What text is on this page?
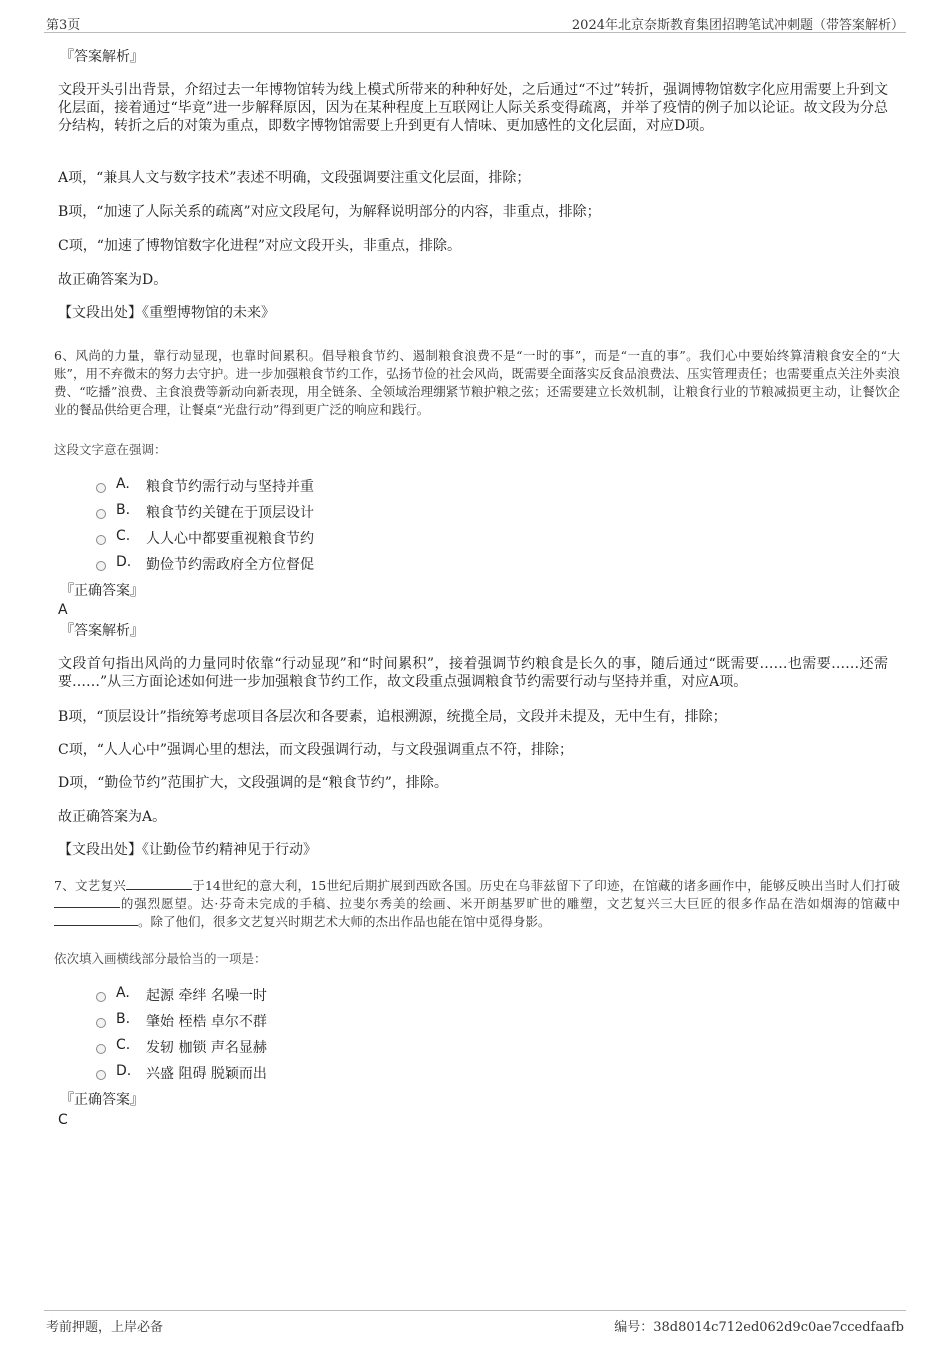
第3页	2024年北京奈斯教育集团招聘笔试冲刺题（带答案解析）
『答案解析』

文段开头引出背景，介绍过去一年博物馆转为线上模式所带来的种种好处，之后通过“不过”转折，强调博物馆数字化应用需要上升到文化层面，接着通过“毕竟”进一步解释原因，因为在某种程度上互联网让人际关系变得疏离，并举了疫情的例子加以论证。故文段为分总分结构，转折之后的对策为重点，即数字博物馆需要上升到更有人情味、更加感性的文化层面，对应D项。

A项，“兼具人文与数字技术”表述不明确，文段强调要注重文化层面，排除；

B项，“加速了人际关系的疏离”对应文段尾句，为解释说明部分的内容，非重点，排除；

C项，“加速了博物馆数字化进程”对应文段开头，非重点，排除。

故正确答案为D。

【文段出处】《重塑博物馆的未来》

6、风尚的力量，靠行动显现，也靠时间累积。倡导粮食节约、遏制粮食浪费不是“一时的事”，而是“一直的事”。我们心中要始终算清粮食安全的“大账”，用不弃微末的努力去守护。进一步加强粮食节约工作，弘扬节俭的社会风尚，既需要全面落实反食品浪费法、压实管理责任；也需要重点关注外卖浪费、“吃播”浪费、主食浪费等新动向新表现，用全链条、全领域治理绷紧节粮护粮之弦；还需要建立长效机制，让粮食行业的节粮减损更主动，让餐饮企业的餐品供给更合理，让餐桌“光盘行动”得到更广泛的响应和践行。

这段文字意在强调：

A. 粮食节约需行动与坚持并重
B. 粮食节约关键在于顶层设计
C. 人人心中都要重视粮食节约
D. 勤俭节约需政府全方位督促
『正确答案』
A
『答案解析』

文段首句指出风尚的力量同时依靠“行动显现”和“时间累积”，接着强调节约粮食是长久的事，随后通过“既需要……也需要……还需要……”从三方面论述如何进一步加强粮食节约工作，故文段重点强调粮食节约需要行动与坚持并重，对应A项。

B项，“顶层设计”指统筹考虑项目各层次和各要素，追根溯源，统揽全局，文段并未提及，无中生有，排除；

C项，“人人心中”强调心里的想法，而文段强调行动，与文段强调重点不符，排除；

D项，“勤俭节约”范围扩大，文段强调的是“粮食节约”，排除。

故正确答案为A。

【文段出处】《让勤俭节约精神见于行动》

7、文艺复兴	于14世纪的意大利，15世纪后期扩展到西欧各国。历史在乌菲兹留下了印迹，在馆藏的诸多画作中，能够反映出当时人们打破的强烈愿望。达·芬奇未完成的手稿、拉斐尔秀美的绘画、米开朗基罗旷世的雕塑，文艺复兴三大巨匠的很多作品在浩如烟海的馆藏中。除了他们，很多文艺复兴时期艺术大师的杰出作品也能在馆中觅得身影。

依次填入画横线部分最恰当的一项是：

A. 起源 牵绊 名噪一时
B. 肇始 桎梏 卓尔不群
C. 发轫 枷锁 声名显赫
D. 兴盛 阻碍 脱颖而出
『正确答案』
C
考前押题，上岸必备	编号：38d8014c712ed062d9c0ae7ccedfaafb
